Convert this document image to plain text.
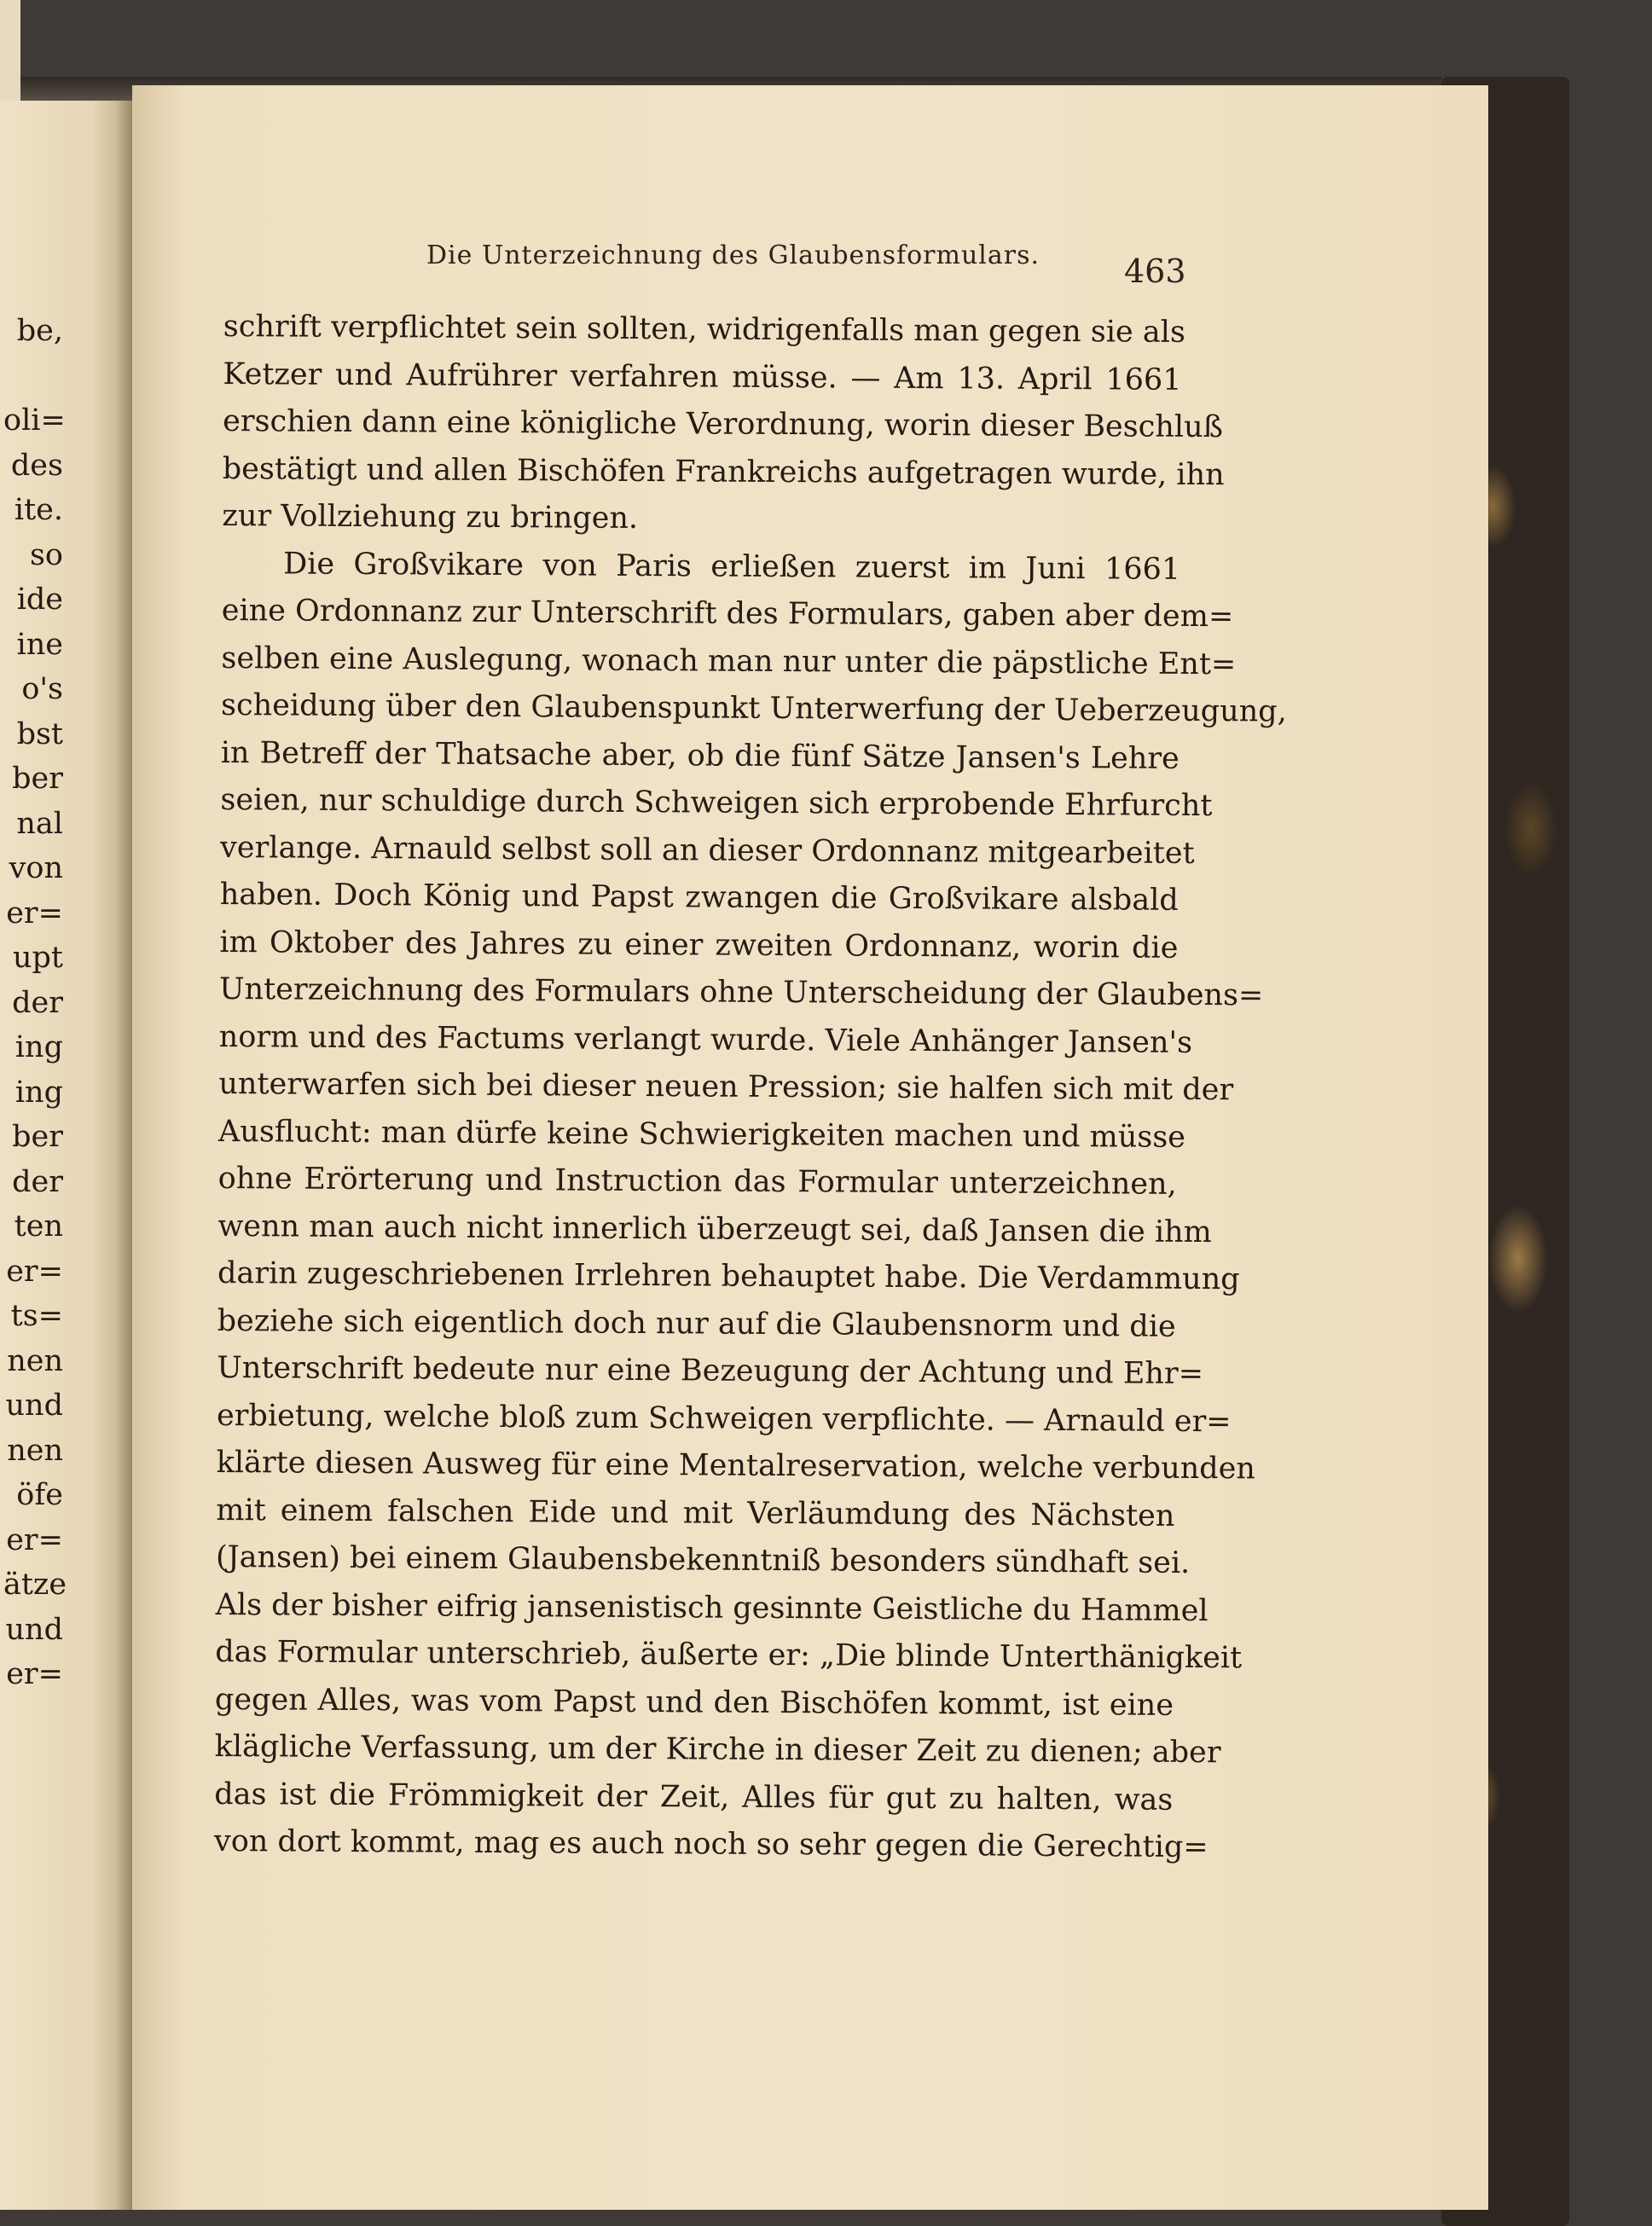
be,
oli=
des
ite.
so
ide
ine
o's
bst
ber
nal
von
er=
upt
der
ing
ing
ber
der
ten
er=
ts=
nen
und
nen
öfe
er=
ätze
und
er=
Die Unterzeichnung des Glaubensformulars.	463
schrift verpflichtet sein sollten, widrigenfalls man gegen sie als
Ketzer und Aufrührer verfahren müsse. — Am 13. April 1661
erschien dann eine königliche Verordnung, worin dieser Beschluß
bestätigt und allen Bischöfen Frankreichs aufgetragen wurde, ihn
zur Vollziehung zu bringen.
Die Großvikare von Paris erließen zuerst im Juni 1661
eine Ordonnanz zur Unterschrift des Formulars, gaben aber dem=
selben eine Auslegung, wonach man nur unter die päpstliche Ent=
scheidung über den Glaubenspunkt Unterwerfung der Ueberzeugung,
in Betreff der Thatsache aber, ob die fünf Sätze Jansen's Lehre
seien, nur schuldige durch Schweigen sich erprobende Ehrfurcht
verlange. Arnauld selbst soll an dieser Ordonnanz mitgearbeitet
haben. Doch König und Papst zwangen die Großvikare alsbald
im Oktober des Jahres zu einer zweiten Ordonnanz, worin die
Unterzeichnung des Formulars ohne Unterscheidung der Glaubens=
norm und des Factums verlangt wurde. Viele Anhänger Jansen's
unterwarfen sich bei dieser neuen Pression; sie halfen sich mit der
Ausflucht: man dürfe keine Schwierigkeiten machen und müsse
ohne Erörterung und Instruction das Formular unterzeichnen,
wenn man auch nicht innerlich überzeugt sei, daß Jansen die ihm
darin zugeschriebenen Irrlehren behauptet habe. Die Verdammung
beziehe sich eigentlich doch nur auf die Glaubensnorm und die
Unterschrift bedeute nur eine Bezeugung der Achtung und Ehr=
erbietung, welche bloß zum Schweigen verpflichte. — Arnauld er=
klärte diesen Ausweg für eine Mentalreservation, welche verbunden
mit einem falschen Eide und mit Verläumdung des Nächsten
(Jansen) bei einem Glaubensbekenntniß besonders sündhaft sei.
Als der bisher eifrig jansenistisch gesinnte Geistliche du Hammel
das Formular unterschrieb, äußerte er: „Die blinde Unterthänigkeit
gegen Alles, was vom Papst und den Bischöfen kommt, ist eine
klägliche Verfassung, um der Kirche in dieser Zeit zu dienen; aber
das ist die Frömmigkeit der Zeit, Alles für gut zu halten, was
von dort kommt, mag es auch noch so sehr gegen die Gerechtig=
